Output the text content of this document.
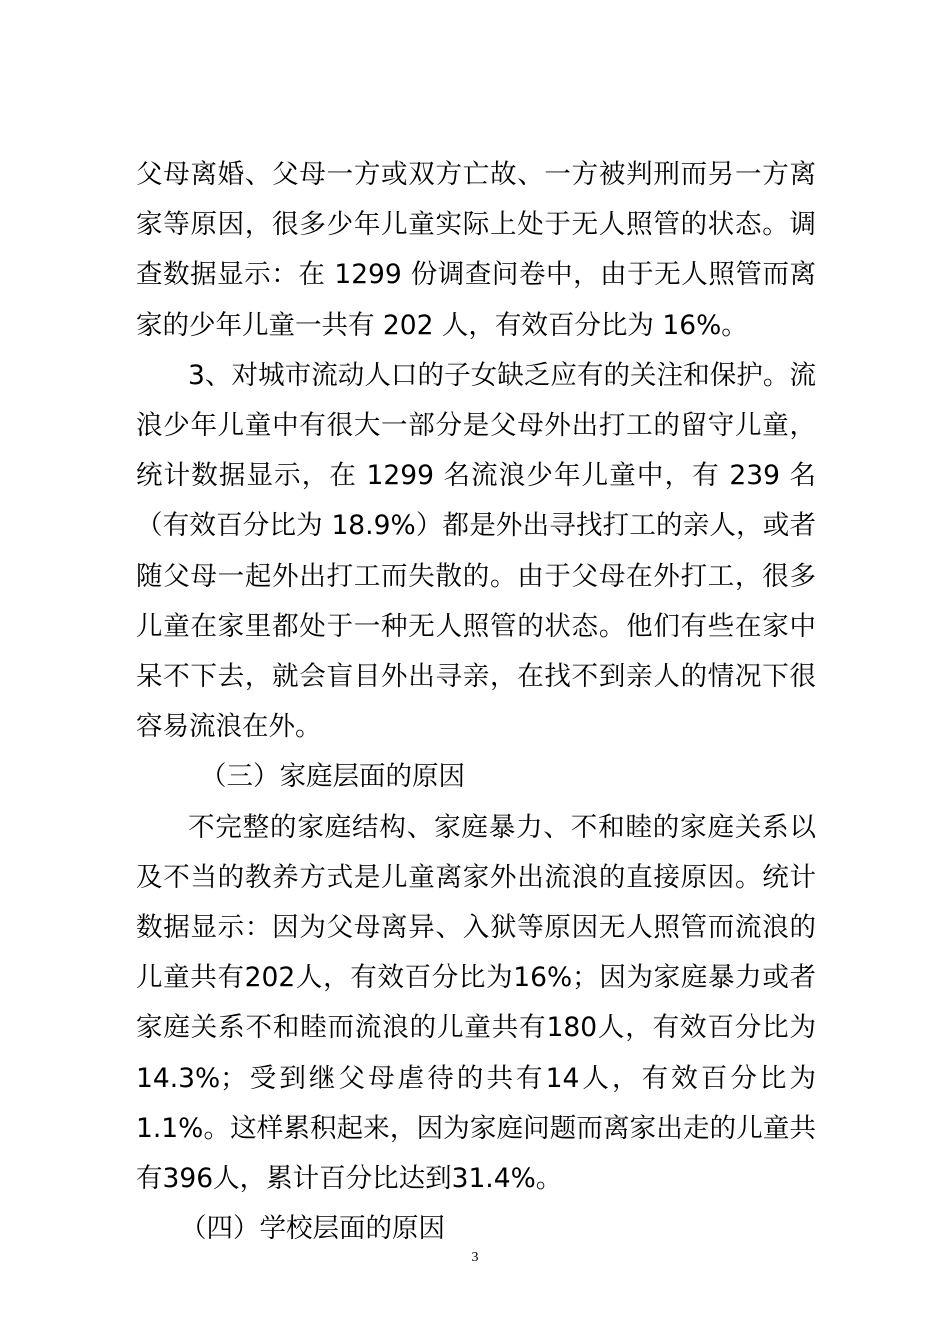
父母离婚、父母一方或双方亡故、一方被判刑而另一方离家等原因，很多少年儿童实际上处于无人照管的状态。调查数据显示：在 1299 份调查问卷中，由于无人照管而离家的少年儿童一共有 202 人，有效百分比为 16%。

3、对城市流动人口的子女缺乏应有的关注和保护。流浪少年儿童中有很大一部分是父母外出打工的留守儿童，统计数据显示，在 1299 名流浪少年儿童中，有 239 名（有效百分比为 18.9%）都是外出寻找打工的亲人，或者随父母一起外出打工而失散的。由于父母在外打工，很多儿童在家里都处于一种无人照管的状态。他们有些在家中呆不下去，就会盲目外出寻亲，在找不到亲人的情况下很容易流浪在外。

（三）家庭层面的原因

不完整的家庭结构、家庭暴力、不和睦的家庭关系以及不当的教养方式是儿童离家外出流浪的直接原因。统计数据显示：因为父母离异、入狱等原因无人照管而流浪的儿童共有202人，有效百分比为16%；因为家庭暴力或者家庭关系不和睦而流浪的儿童共有180人，有效百分比为14.3%；受到继父母虐待的共有14人，有效百分比为1.1%。这样累积起来，因为家庭问题而离家出走的儿童共有396人，累计百分比达到31.4%。

（四）学校层面的原因

3
